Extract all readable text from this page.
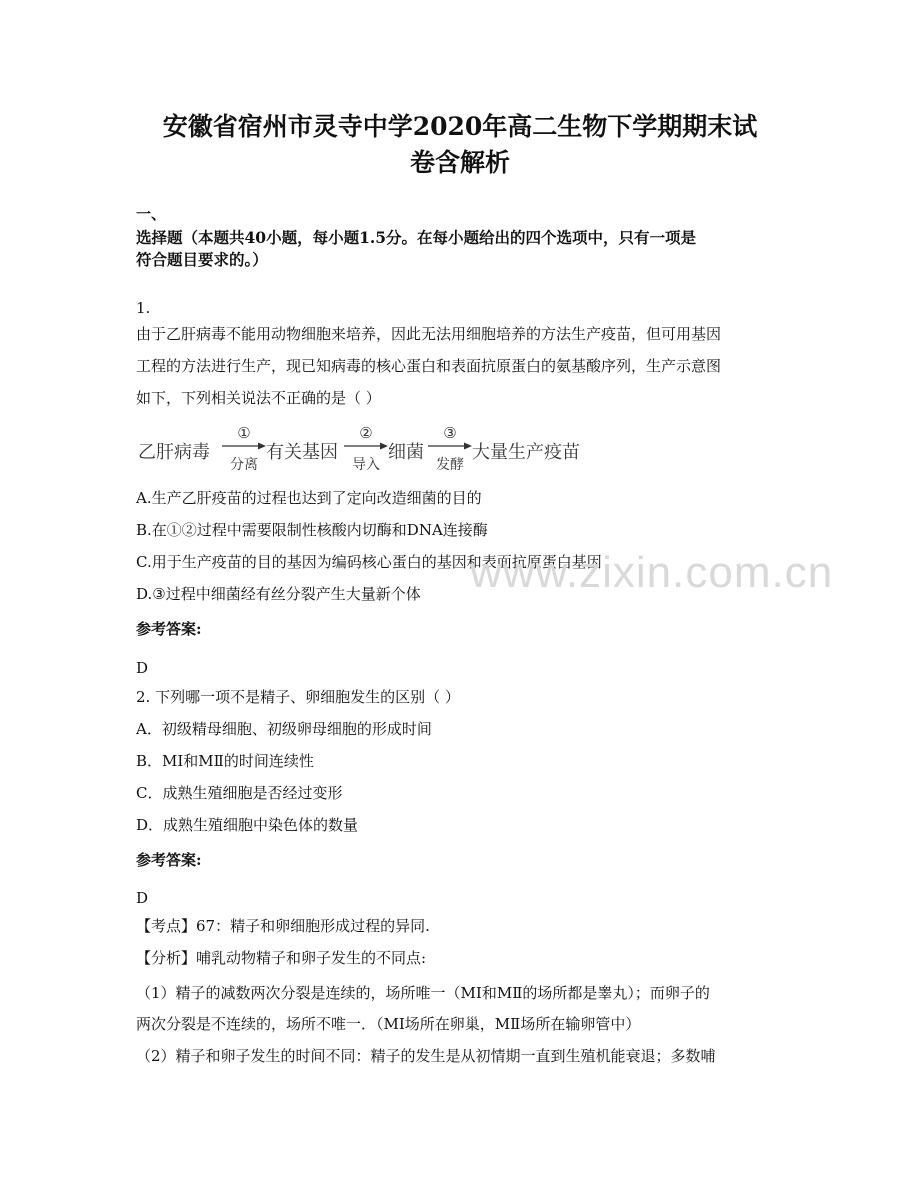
安徽省宿州市灵寺中学2020年高二生物下学期期末试
卷含解析
一、
选择题（本题共40小题，每小题1.5分。在每小题给出的四个选项中，只有一项是
符合题目要求的。）
1.
由于乙肝病毒不能用动物细胞来培养，因此无法用细胞培养的方法生产疫苗，但可用基因
工程的方法进行生产，现已知病毒的核心蛋白和表面抗原蛋白的氨基酸序列，生产示意图
如下，下列相关说法不正确的是（ ）
乙肝病毒
①
分离
有关基因
②
导入
细菌
③
发酵
大量生产疫苗
A.生产乙肝疫苗的过程也达到了定向改造细菌的目的
B.在①②过程中需要限制性核酸内切酶和DNA连接酶
C.用于生产疫苗的目的基因为编码核心蛋白的基因和表面抗原蛋白基因
D.③过程中细菌经有丝分裂产生大量新个体
参考答案:
D
2. 下列哪一项不是精子、卵细胞发生的区别（ ）
A．初级精母细胞、初级卵母细胞的形成时间
B．MⅠ和MⅡ的时间连续性
C．成熟生殖细胞是否经过变形
D．成熟生殖细胞中染色体的数量
参考答案:
D
【考点】67：精子和卵细胞形成过程的异同.
【分析】哺乳动物精子和卵子发生的不同点:
（1）精子的减数两次分裂是连续的，场所唯一（MⅠ和MⅡ的场所都是睾丸）；而卵子的
两次分裂是不连续的，场所不唯一．（MⅠ场所在卵巢，MⅡ场所在输卵管中）
（2）精子和卵子发生的时间不同：精子的发生是从初情期一直到生殖机能衰退；多数哺
www.zixin.com.cn
